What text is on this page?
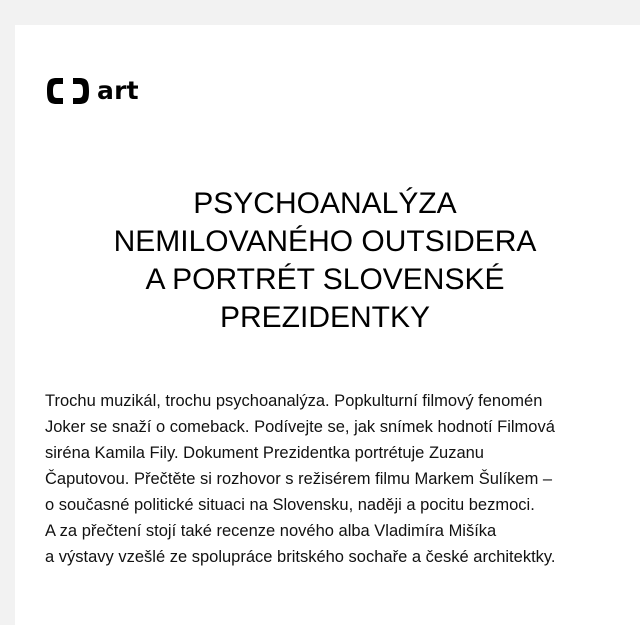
art
PSYCHOANALÝZA
NEMILOVANÉHO OUTSIDERA
A PORTRÉT SLOVENSKÉ
PREZIDENTKY

Trochu muzikál, trochu psychoanalýza. Popkulturní filmový fenomén
Joker se snaží o comeback. Podívejte se, jak snímek hodnotí Filmová
siréna Kamila Fily. Dokument Prezidentka portrétuje Zuzanu
Čaputovou. Přečtěte si rozhovor s režisérem filmu Markem Šulíkem –
o současné politické situaci na Slovensku, naději a pocitu bezmoci.
A za přečtení stojí také recenze nového alba Vladimíra Mišíka
a výstavy vzešlé ze spolupráce britského sochaře a české architektky.
